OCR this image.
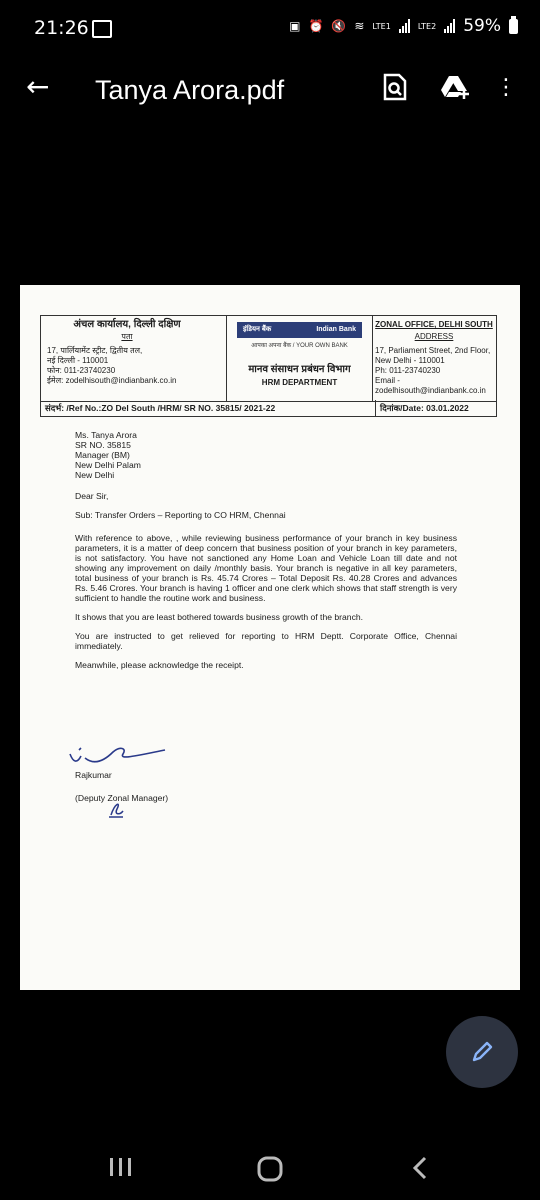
21:26	▣ ⏰ 🔇 ≋ LTE1	LTE2 59%
← Tanya Arora.pdf	⋮
अंचल कार्यालय, दिल्ली दक्षिण
पता
17, पार्लियामेंट स्ट्रीट, द्वितीय तल,
नई दिल्ली - 110001
फोन: 011-23740230
ईमेल: zodelhisouth@indianbank.co.in
इंडियन बैंक	Indian Bank
आपका अपना बैंक / YOUR OWN BANK
मानव संसाधन प्रबंधन विभाग
HRM DEPARTMENT
ZONAL OFFICE, DELHI SOUTH
ADDRESS
17, Parliament Street, 2nd Floor,
New Delhi - 110001
Ph: 011-23740230
Email - zodelhisouth@indianbank.co.in
संदर्भ: /Ref No.:ZO Del South /HRM/ SR NO. 35815/ 2021-22	दिनांक/Date: 03.01.2022
Ms. Tanya Arora
SR NO. 35815
Manager (BM)
New Delhi Palam
New Delhi

Dear Sir,

Sub: Transfer Orders – Reporting to CO HRM, Chennai

With reference to above, , while reviewing business performance of your branch in key business parameters, it is a matter of deep concern that business position of your branch in key parameters, is not satisfactory. You have not sanctioned any Home Loan and Vehicle Loan till date and not showing any improvement on daily /monthly basis. Your branch is negative in all key parameters, total business of your branch is Rs. 45.74 Crores – Total Deposit Rs. 40.28 Crores and advances Rs. 5.46 Crores. Your branch is having 1 officer and one clerk which shows that staff strength is very sufficient to handle the routine work and business.

It shows that you are least bothered towards business growth of the branch.

You are instructed to get relieved for reporting to HRM Deptt. Corporate Office, Chennai immediately.

Meanwhile, please acknowledge the receipt.

Rajkumar
(Deputy Zonal Manager)
